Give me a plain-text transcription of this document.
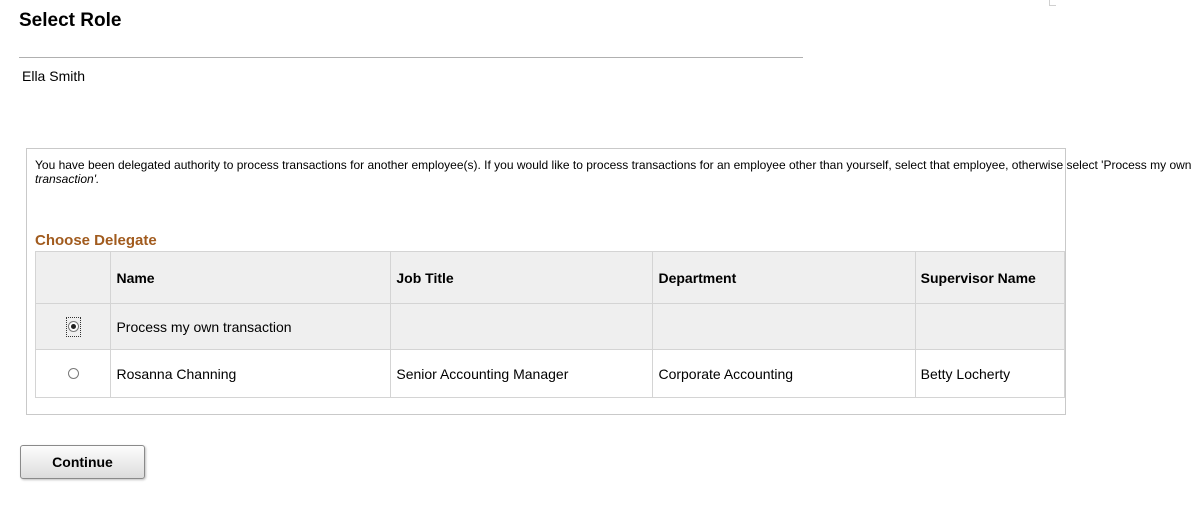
Select Role
Ella Smith
You have been delegated authority to process transactions for another employee(s). If you would like to process transactions for an employee other than yourself, select that employee, otherwise select 'Process my own
transaction'.
Choose Delegate
	Name	Job Title	Department	Supervisor Name
	Process my own transaction			
	Rosanna Channing	Senior Accounting Manager	Corporate Accounting	Betty Locherty
Continue
